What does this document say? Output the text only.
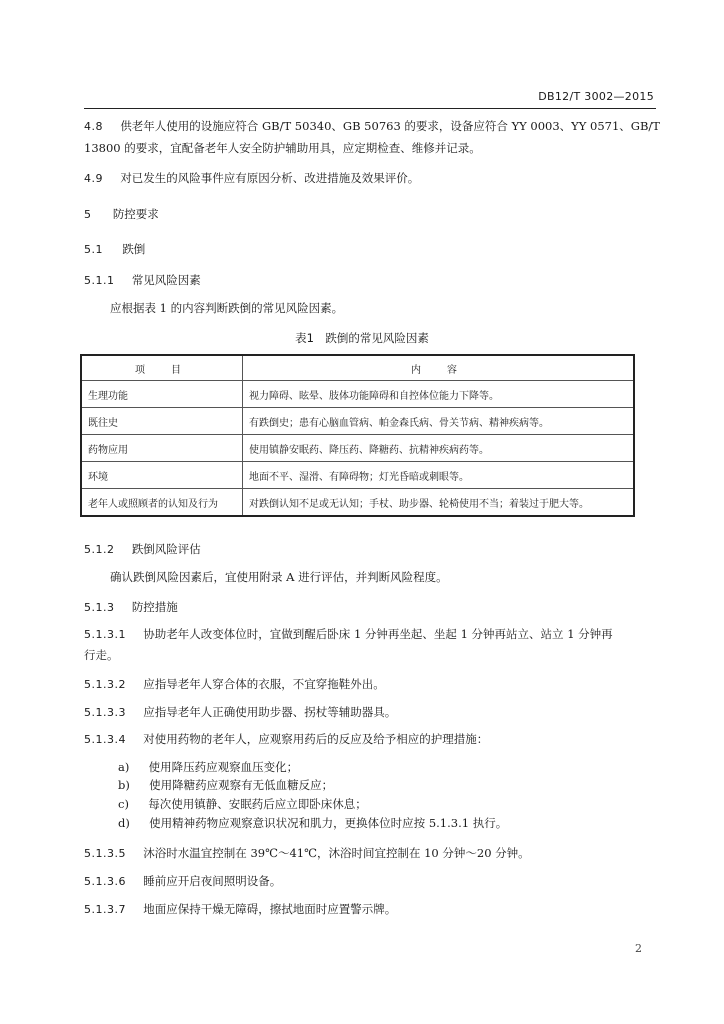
DB12/T 3002—2015
4.8 供老年人使用的设施应符合 GB/T 50340、GB 50763 的要求，设备应符合 YY 0003、YY 0571、GB/T
13800 的要求，宜配备老年人安全防护辅助用具，应定期检查、维修并记录。
4.9 对已发生的风险事件应有原因分析、改进措施及效果评价。
5 防控要求
5.1 跌倒
5.1.1 常见风险因素
应根据表 1 的内容判断跌倒的常见风险因素。
表1　跌倒的常见风险因素
项　目	内　容
生理功能	视力障碍、眩晕、肢体功能障碍和自控体位能力下降等。
既往史	有跌倒史；患有心脑血管病、帕金森氏病、骨关节病、精神疾病等。
药物应用	使用镇静安眠药、降压药、降糖药、抗精神疾病药等。
环境	地面不平、湿滑、有障碍物；灯光昏暗或刺眼等。
老年人或照顾者的认知及行为	对跌倒认知不足或无认知；手杖、助步器、轮椅使用不当；着装过于肥大等。
5.1.2 跌倒风险评估
确认跌倒风险因素后，宜使用附录 A 进行评估，并判断风险程度。
5.1.3 防控措施
5.1.3.1 协助老年人改变体位时，宜做到醒后卧床 1 分钟再坐起、坐起 1 分钟再站立、站立 1 分钟再
行走。
5.1.3.2 应指导老年人穿合体的衣服，不宜穿拖鞋外出。
5.1.3.3 应指导老年人正确使用助步器、拐杖等辅助器具。
5.1.3.4 对使用药物的老年人，应观察用药后的反应及给予相应的护理措施：
a) 使用降压药应观察血压变化；
b) 使用降糖药应观察有无低血糖反应；
c) 每次使用镇静、安眠药后应立即卧床休息；
d) 使用精神药物应观察意识状况和肌力，更换体位时应按 5.1.3.1 执行。
5.1.3.5 沐浴时水温宜控制在 39℃～41℃，沐浴时间宜控制在 10 分钟～20 分钟。
5.1.3.6 睡前应开启夜间照明设备。
5.1.3.7 地面应保持干燥无障碍，擦拭地面时应置警示牌。
2
